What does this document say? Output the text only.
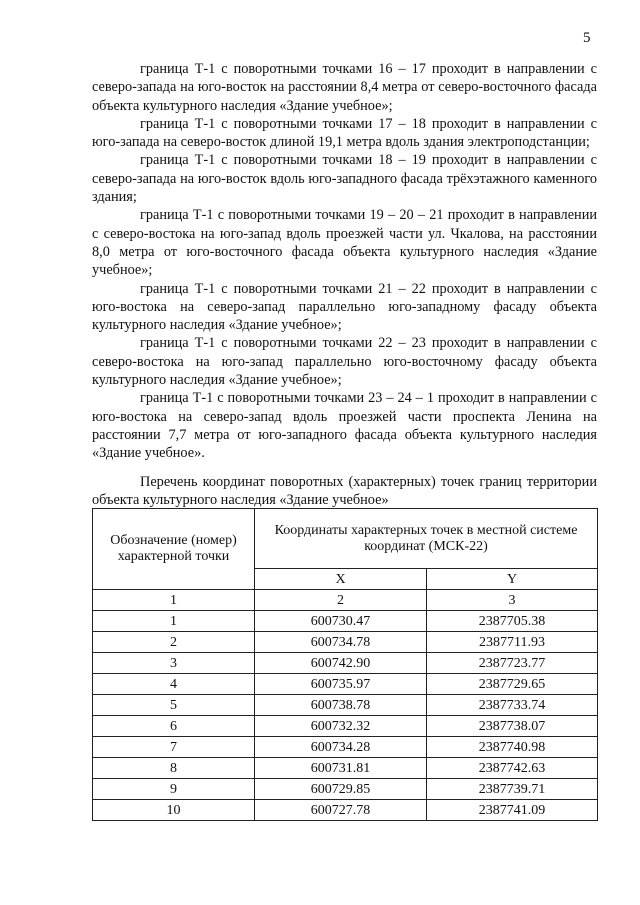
5

граница Т-1 с поворотными точками 16 – 17 проходит в направлении с северо-запада на юго-восток на расстоянии 8,4 метра от северо-восточного фасада объекта культурного наследия «Здание учебное»;

граница Т-1 с поворотными точками 17 – 18 проходит в направлении с юго-запада на северо-восток длиной 19,1 метра вдоль здания электроподстанции;

граница Т-1 с поворотными точками 18 – 19 проходит в направлении с северо-запада на юго-восток вдоль юго-западного фасада трёхэтажного каменного здания;

граница Т-1 с поворотными точками 19 – 20 – 21 проходит в направлении с северо-востока на юго-запад вдоль проезжей части ул. Чкалова, на расстоянии 8,0 метра от юго-восточного фасада объекта культурного наследия «Здание учебное»;

граница Т-1 с поворотными точками 21 – 22 проходит в направлении с юго-востока на северо-запад параллельно юго-западному фасаду объекта культурного наследия «Здание учебное»;

граница Т-1 с поворотными точками 22 – 23 проходит в направлении с северо-востока на юго-запад параллельно юго-восточному фасаду объекта культурного наследия «Здание учебное»;

граница Т-1 с поворотными точками 23 – 24 – 1 проходит в направлении с юго-востока на северо-запад вдоль проезжей части проспекта Ленина на расстоянии 7,7 метра от юго-западного фасада объекта культурного наследия «Здание учебное».

Перечень координат поворотных (характерных) точек границ территории объекта культурного наследия «Здание учебное»

Обозначение (номер) характерной точки	Координаты характерных точек в местной системе координат (МСК-22)	
	X	Y
1	2	3
1	600730.47	2387705.38
2	600734.78	2387711.93
3	600742.90	2387723.77
4	600735.97	2387729.65
5	600738.78	2387733.74
6	600732.32	2387738.07
7	600734.28	2387740.98
8	600731.81	2387742.63
9	600729.85	2387739.71
10	600727.78	2387741.09
